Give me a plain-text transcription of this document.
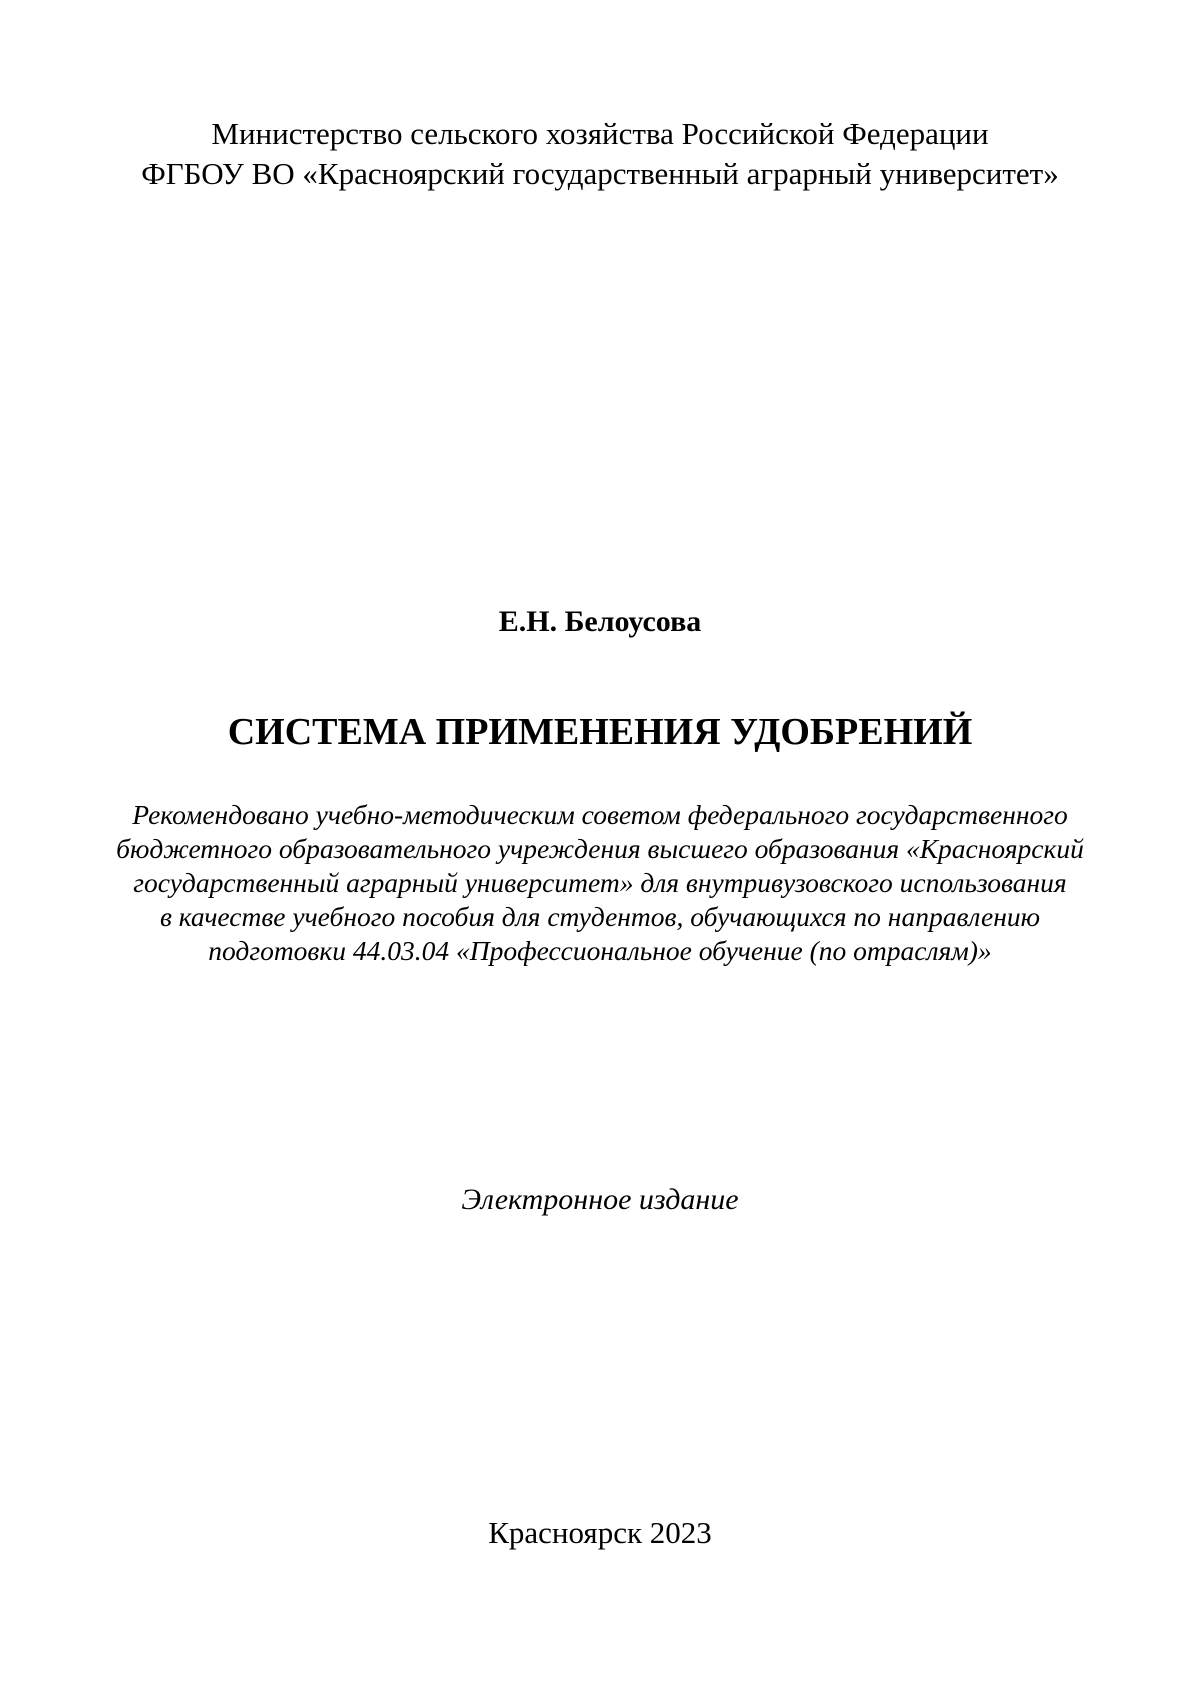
Министерство сельского хозяйства Российской Федерации
ФГБОУ ВО «Красноярский государственный аграрный университет»
Е.Н. Белоусова
СИСТЕМА ПРИМЕНЕНИЯ УДОБРЕНИЙ
Рекомендовано учебно-методическим советом федерального государственного
бюджетного образовательного учреждения высшего образования «Красноярский
государственный аграрный университет» для внутривузовского использования
в качестве учебного пособия для студентов, обучающихся по направлению
подготовки 44.03.04 «Профессиональное обучение (по отраслям)»
Электронное издание
Красноярск 2023
